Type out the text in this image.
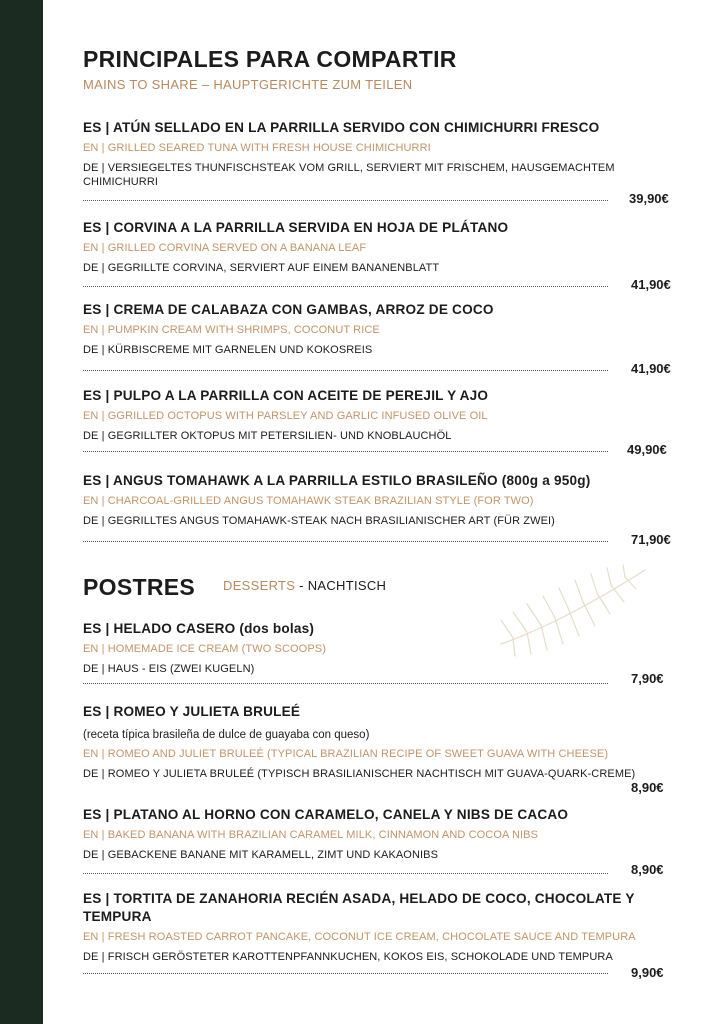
PRINCIPALES PARA COMPARTIR
MAINS TO SHARE – HAUPTGERICHTE ZUM TEILEN
ES | ATÚN SELLADO EN LA PARRILLA SERVIDO CON CHIMICHURRI FRESCO
EN | GRILLED SEARED TUNA WITH FRESH HOUSE CHIMICHURRI
DE | VERSIEGELTES THUNFISCHSTEAK VOM GRILL, SERVIERT MIT FRISCHEM, HAUSGEMACHTEM CHIMICHURRI
39,90€
ES | CORVINA A LA PARRILLA SERVIDA EN HOJA DE PLÁTANO
EN | GRILLED CORVINA SERVED ON A BANANA LEAF
DE | GEGRILLTE CORVINA, SERVIERT AUF EINEM BANANENBLATT
41,90€
ES | CREMA DE CALABAZA CON GAMBAS, ARROZ DE COCO
EN | PUMPKIN CREAM WITH SHRIMPS, COCONUT RICE
DE | KÜRBISCREME MIT GARNELEN UND KOKOSREIS
41,90€
ES | PULPO A LA PARRILLA CON ACEITE DE PEREJIL Y AJO
EN | GGRILLED OCTOPUS WITH PARSLEY AND GARLIC INFUSED OLIVE OIL
DE | GEGRILLTER OKTOPUS MIT PETERSILIEN- UND KNOBLAUCHÖL
49,90€
ES | ANGUS TOMAHAWK A LA PARRILLA ESTILO BRASILEÑO (800g a 950g)
EN | CHARCOAL-GRILLED ANGUS TOMAHAWK STEAK BRAZILIAN STYLE (FOR TWO)
DE | GEGRILLTES ANGUS TOMAHAWK-STEAK NACH BRASILIANISCHER ART (FÜR ZWEI)
71,90€
POSTRES DESSERTS - NACHTISCH
ES | HELADO CASERO (dos bolas)
EN | HOMEMADE ICE CREAM (TWO SCOOPS)
DE | HAUS - EIS (ZWEI KUGELN)
7,90€
ES | ROMEO Y JULIETA BRULEÉ
(receta típica brasileña de dulce de guayaba con queso)
EN | ROMEO AND JULIET BRULEÉ (TYPICAL BRAZILIAN RECIPE OF SWEET GUAVA WITH CHEESE)
DE | ROMEO Y JULIETA BRULEÉ (TYPISCH BRASILIANISCHER NACHTISCH MIT GUAVA-QUARK-CREME)
8,90€
ES | PLATANO AL HORNO CON CARAMELO, CANELA Y NIBS DE CACAO
EN | BAKED BANANA WITH BRAZILIAN CARAMEL MILK, CINNAMON AND COCOA NIBS
DE | GEBACKENE BANANE MIT KARAMELL, ZIMT UND KAKAONIBS
8,90€
ES | TORTITA DE ZANAHORIA RECIÉN ASADA, HELADO DE COCO, CHOCOLATE Y TEMPURA
EN | FRESH ROASTED CARROT PANCAKE, COCONUT ICE CREAM, CHOCOLATE SAUCE AND TEMPURA
DE | FRISCH GERÖSTETER KAROTTENPFANNKUCHEN, KOKOS EIS, SCHOKOLADE UND TEMPURA
9,90€
